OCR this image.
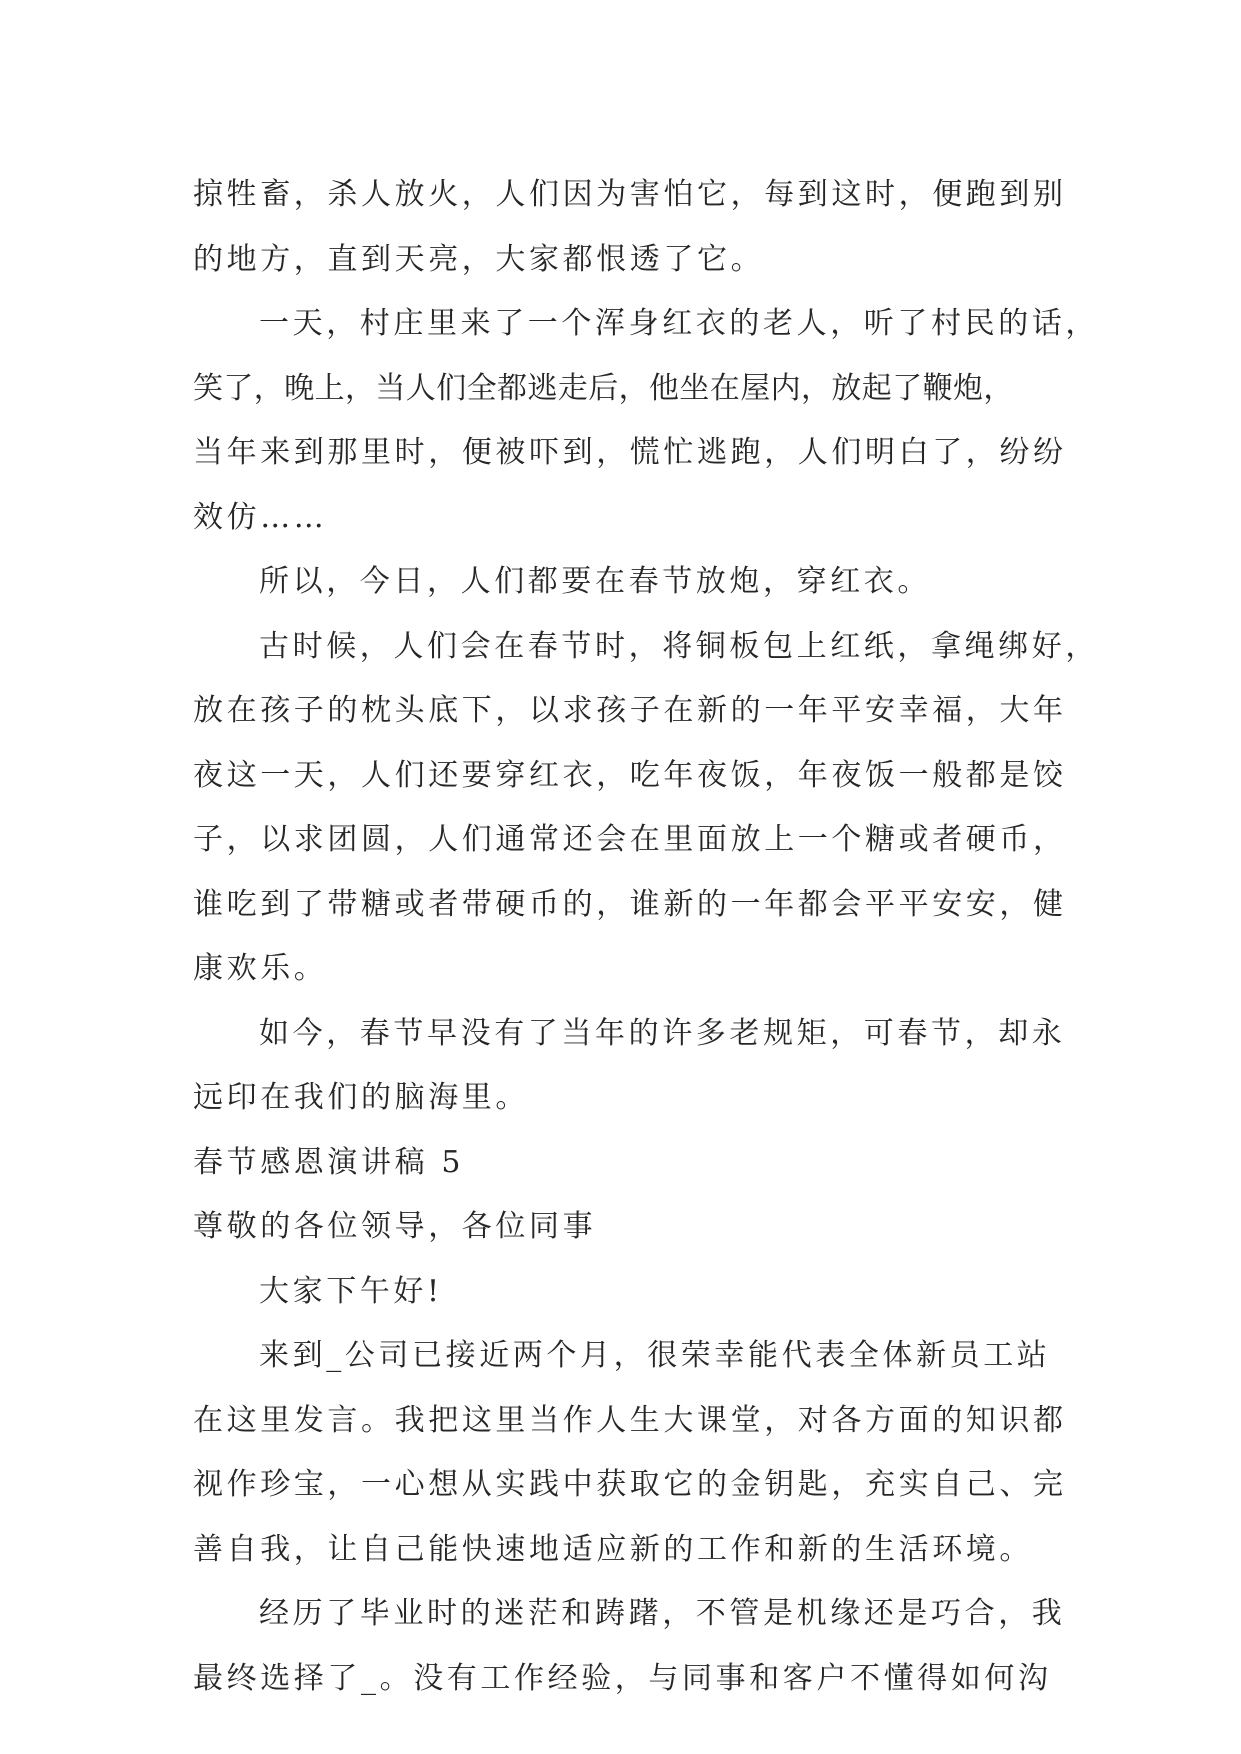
掠牲畜，杀人放火，人们因为害怕它，每到这时，便跑到别
的地方，直到天亮，大家都恨透了它。
一天，村庄里来了一个浑身红衣的老人，听了村民的话，
笑了，晚上，当人们全都逃走后，他坐在屋内，放起了鞭炮，
当年来到那里时，便被吓到，慌忙逃跑，人们明白了，纷纷
效仿……
所以，今日，人们都要在春节放炮，穿红衣。
古时候，人们会在春节时，将铜板包上红纸，拿绳绑好，
放在孩子的枕头底下，以求孩子在新的一年平安幸福，大年
夜这一天，人们还要穿红衣，吃年夜饭，年夜饭一般都是饺
子，以求团圆，人们通常还会在里面放上一个糖或者硬币，
谁吃到了带糖或者带硬币的，谁新的一年都会平平安安，健
康欢乐。
如今，春节早没有了当年的许多老规矩，可春节，却永
远印在我们的脑海里。
春节感恩演讲稿 5
尊敬的各位领导，各位同事
大家下午好!
来到_公司已接近两个月，很荣幸能代表全体新员工站
在这里发言。我把这里当作人生大课堂，对各方面的知识都
视作珍宝，一心想从实践中获取它的金钥匙，充实自己、完
善自我，让自己能快速地适应新的工作和新的生活环境。
经历了毕业时的迷茫和踌躇，不管是机缘还是巧合，我
最终选择了_。没有工作经验，与同事和客户不懂得如何沟
